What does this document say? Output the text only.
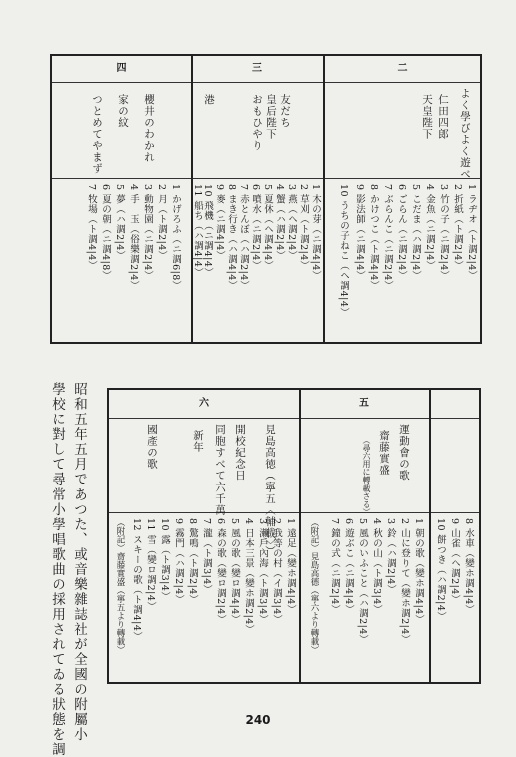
二
よく學びよく遊べ
仁田四郎
天皇陛下
1 ラヂオ（ト調2|4）
2 折紙（ト調2|4）
3 竹の子（ニ調2|4）
4 金魚（ニ調2|4）
5 こだま（ハ調2|4）
6 ごらん（ニ調2|4）
7 ぶらんこ（ニ調2|4）
8 かけつこ（ト調4|4）
9 影法師（ニ調4|4）
10 うちの子ねこ（ヘ調4|4）
三
友だち
皇后陛下
おもひやり
港
1 木の芽（ニ調4|4）
2 草刈（ト調2|4）
3 燕（ヘ調2|4）
4 蟹（ハ調2|4）
5 夏休（ヘ調4|4）
6 噴水（ニ調2|4）
7 赤とんぼ（ハ調2|4）
8 まき行き（ハ調4|4）
9 麥（ニ調4|4）
10 飛機（ニ調4|4）
11 船ち（ハ調4|4）
四
櫻井のわかれ
家の紋
つとめてやまず
1 かげろふ（ニ調6|8）
2 月（ト調2|4）
3 動物園（ニ調2|4）
4 手　玉（俗樂調2|4）
5 夢（ハ調2|4）
6 夏の朝（ニ調4|8）
7 牧場（ト調4|4）
六
見島高徳（寧五〈輔載〉）
開校紀念日
同胞すべて六千萬
新年
國產の歌
1 遠足（變ホ調4|4）
2 我等の村（イ調3|4）
3 瀨戶內海（ト調3|4）
4 日本三景（變ホ調2|4）
5 風の歌（變ロ調4|4）
6 森の歌（變ロ調2|4）
7 瀧（ト調3|4）
8 驚鳴（ト調2|4）
9 霧門（ハ調2|4）
10 露（ト調3|4）
11 雪（變ロ調2|4）
12 スキーの歌（ト調4|4）
（附記）齋藤實盛（寧五より轉載）
五
運動會の歌
齋藤實盛
（尋六用に轉載さる）
1 朝の歌（變ホ調4|4）
2 山に登りて（變ホ調2|4）
3 鈴（ハ調2|4）
4 秋の山（ト調3|4）
5 風のいふこと（ハ調2|4）
6 遊ぶこ（ニ調4|4）
7 鐘の式（ニ調2|4）
（附記）見島高德（寧六より轉載）	8 水車（變ホ調4|4）
9 山雀（ヘ調2|4）
10 餅つき（ハ調2|4）
昭和五年五月であつた、或音樂雜誌社が全國の附屬小
學校に對して尋常小學唱歌曲の採用されてゐる狀態を調	240
